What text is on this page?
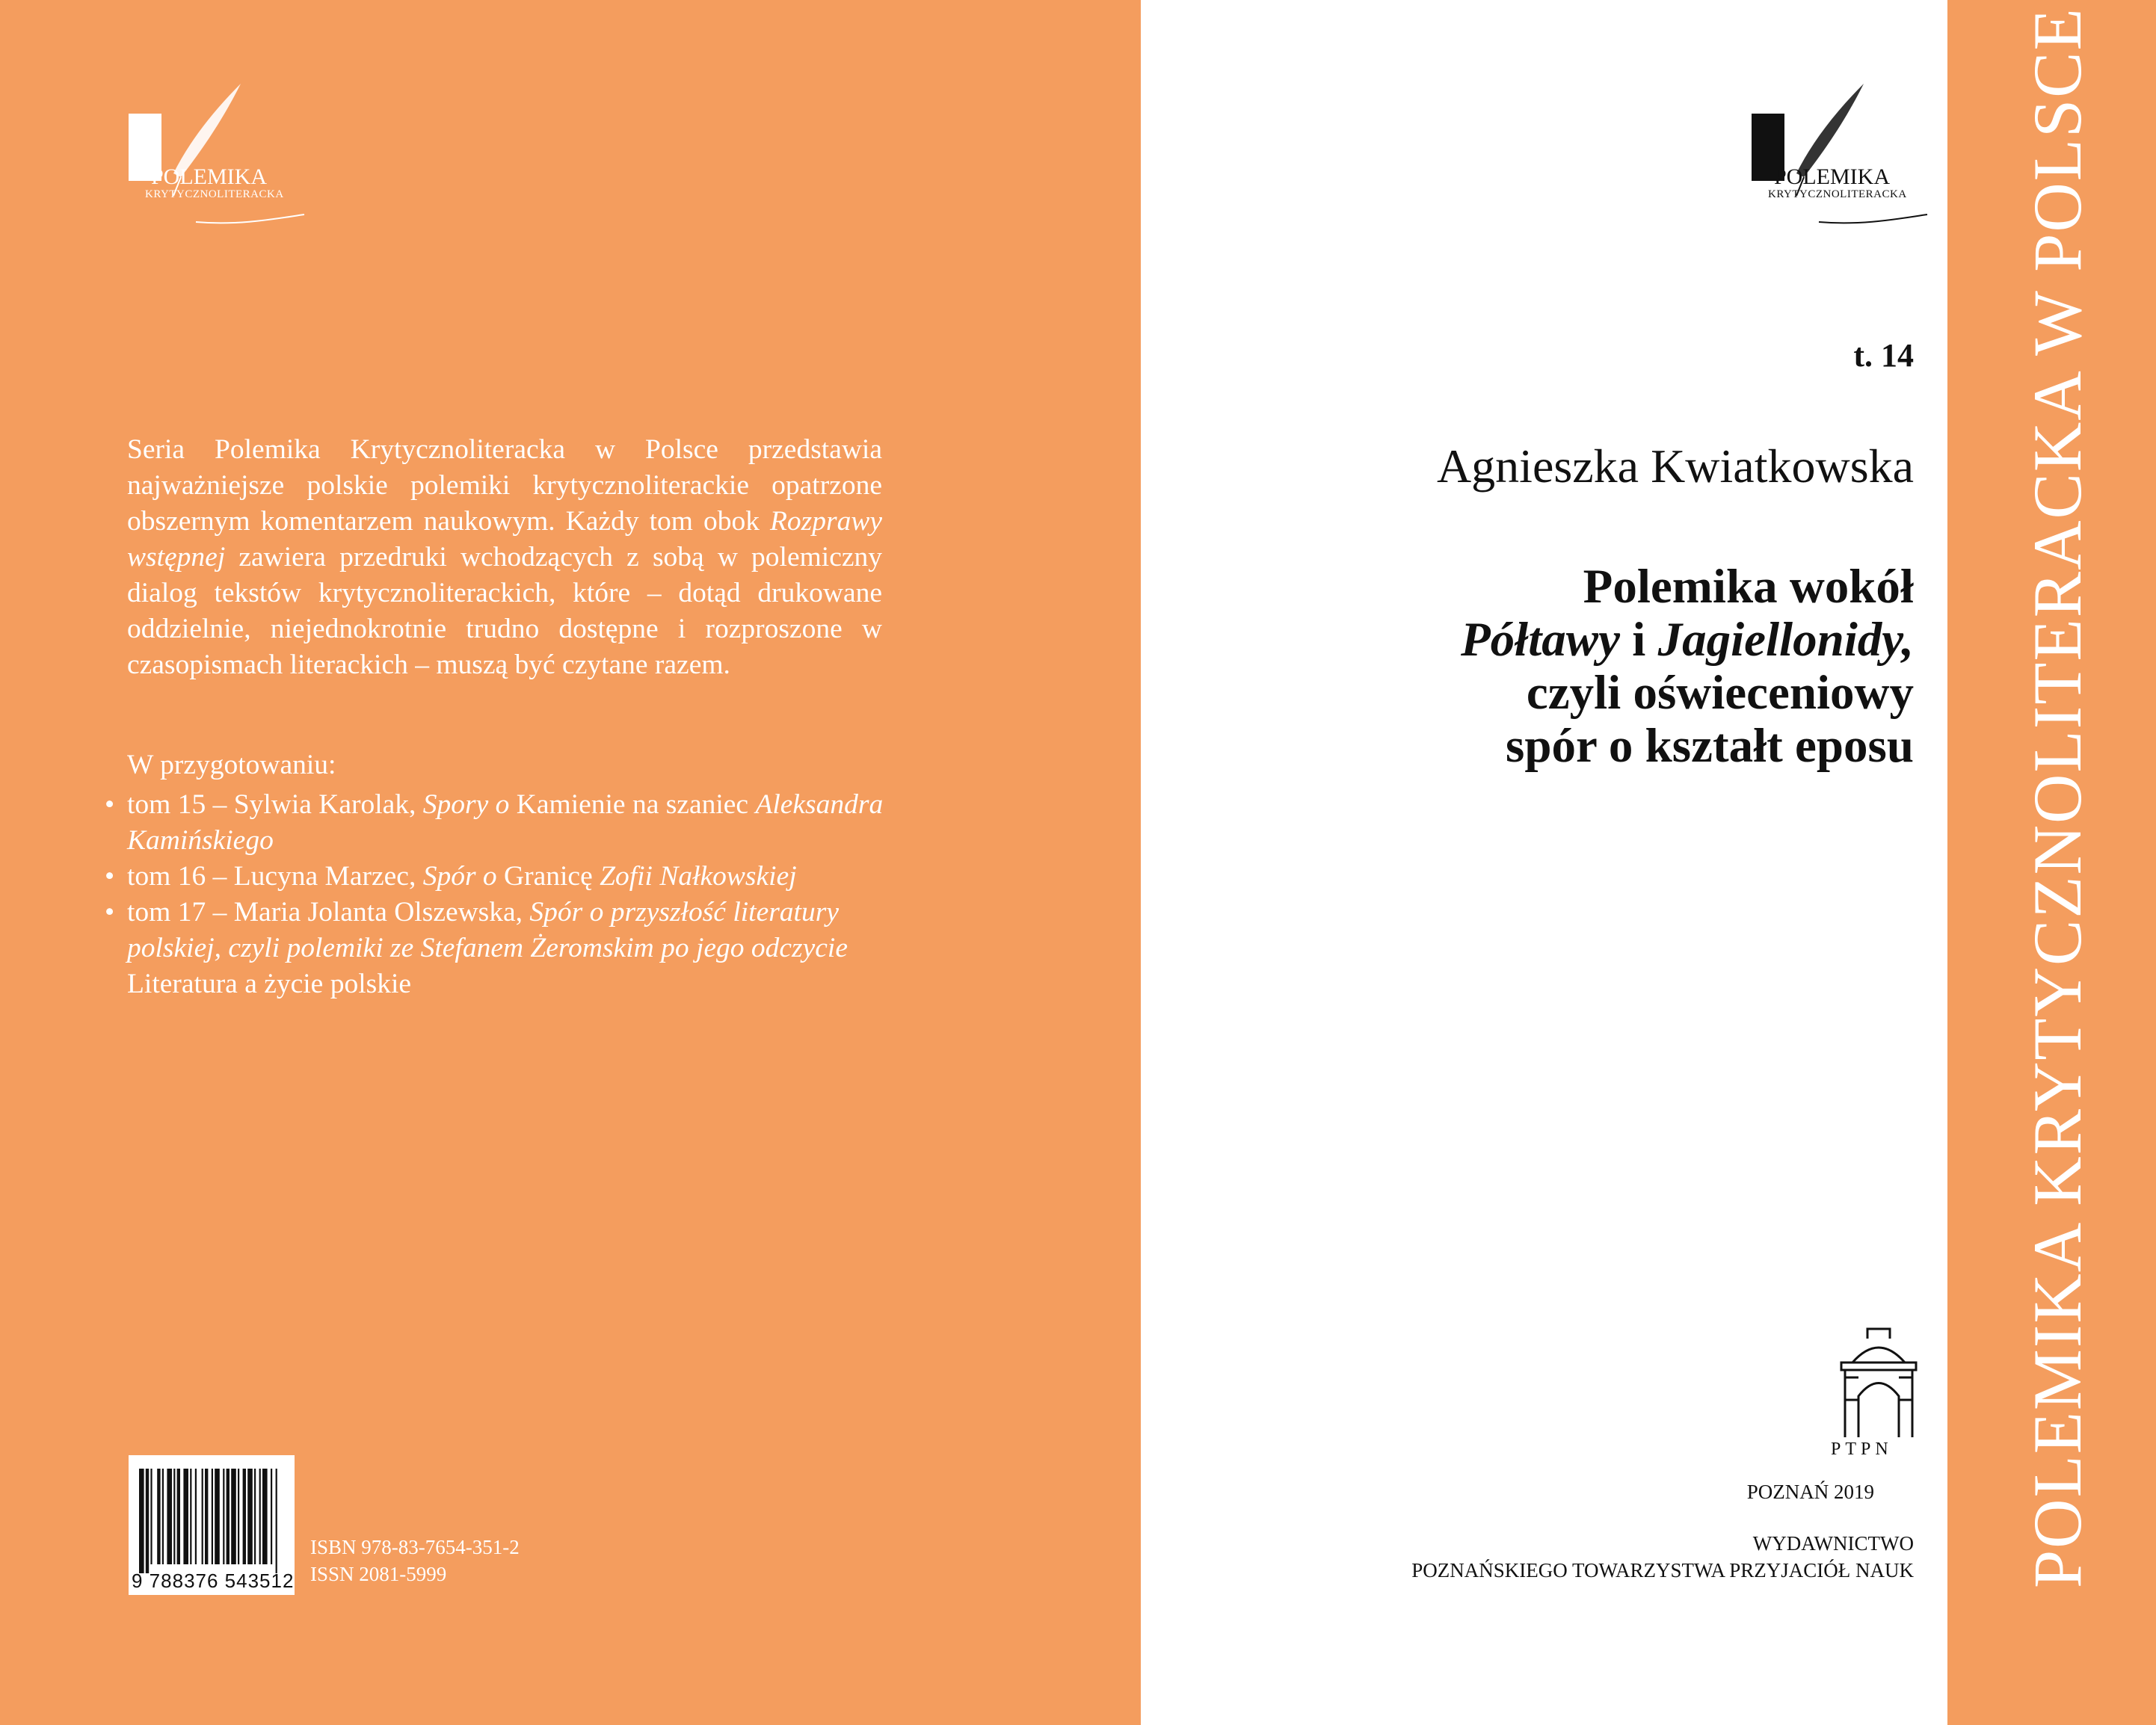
POLEMIKA
KRYTYCZNOLITERACKA
Seria Polemika Krytycznoliteracka w Polsce przedstawia najważniejsze polskie polemiki krytycznoliterackie opatrzone obszernym komentarzem naukowym. Każdy tom obok Rozprawy wstępnej zawiera przedruki wchodzących z sobą w polemiczny dialog tekstów krytycznoliterackich, które – dotąd drukowane oddzielnie, niejednokrotnie trudno dostępne i rozproszone w czasopismach literackich – muszą być czytane razem.
W przygotowaniu:
• tom 15 – Sylwia Karolak, Spory o Kamienie na szaniec Aleksandra Kamińskiego
• tom 16 – Lucyna Marzec, Spór o Granicę Zofii Nałkowskiej
• tom 17 – Maria Jolanta Olszewska, Spór o przyszłość literatury polskiej, czyli polemiki ze Stefanem Żeromskim po jego odczycie Literatura a życie polskie
9 788376 543512
ISBN 978-83-7654-351-2
ISSN 2081-5999
POLEMIKA
KRYTYCZNOLITERACKA
t. 14
Agnieszka Kwiatkowska
Polemika wokół
Półtawy i Jagiellonidy,
czyli oświeceniowy
spór o kształt eposu
PTPN
POZNAŃ 2019
WYDAWNICTWO
POZNAŃSKIEGO TOWARZYSTWA PRZYJACIÓŁ NAUK POLEMIKA KRYTYCZNOLITERACKA W POLSCE
